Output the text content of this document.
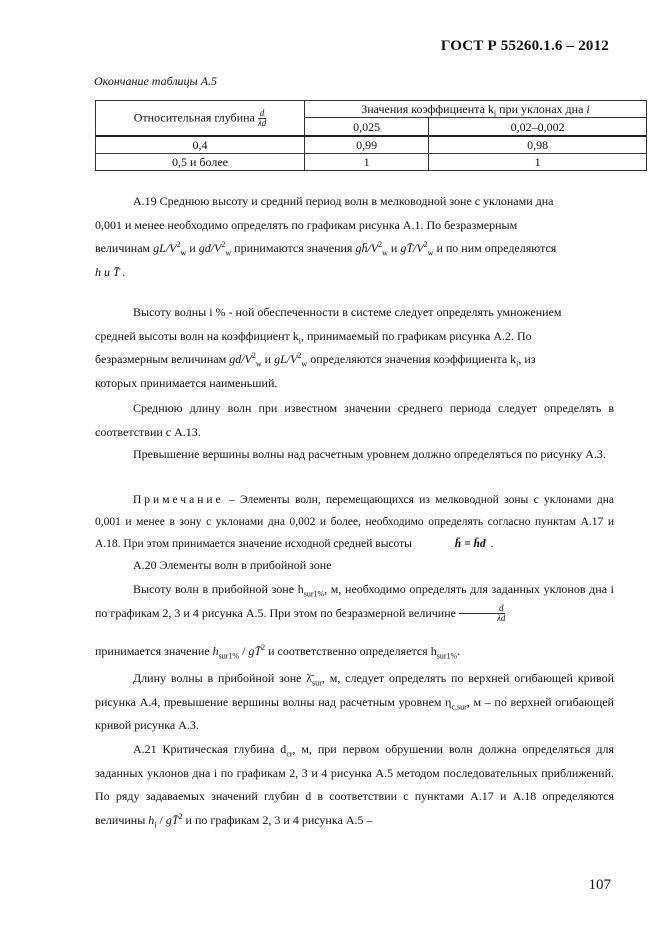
ГОСТ Р 55260.1.6 – 2012
Окончание таблицы А.5
Относительная глубина $\frac{d}{\lambda d}$	Значения коэффициента $k_l$ при уклонах дна i	
	0,025	0,02–0,002
0,4	0,99	0,98
0,5 и более	1	1
А.19 Среднюю высоту и средний период волн в мелководной зоне с уклонами дна
0,001 и менее необходимо определять по графикам рисунка А.1. По безразмерным
величинам $gL/V^2_w$ и $gd/V^2_w$ принимаются значения $gh̄/V^2_w$ и $gT̄/V^2_w$ и по ним определяются
h и T̄ .
Высоту волны i % - ной обеспеченности в системе следует определять умножением
средней высоты волн на коэффициент $k_i$, принимаемый по графикам рисунка А.2. По
безразмерным величинам $gd/V^2_w$ и $gL/V^2_w$ определяются значения коэффициента $k_i$, из
которых принимается наименьший.
Среднюю длину волн при известном значении среднего периода следует определять в соответствии с А.13.
Превышение вершины волны над расчетным уровнем должно определяться по рисунку А.3.
Примечание – Элементы волн, перемещающихся из мелководной зоны с уклонами дна 0,001 и менее в зону с уклонами дна 0,002 и более, необходимо определять согласно пунктам А.17 и А.18. При этом принимается значение исходной средней высоты	h̄ = h̄d .
А.20 Элементы волн в прибойной зоне
Высоту волн в прибойной зоне $h_{sur1\%}$, м, необходимо определять для заданных уклонов дна i по графикам 2, 3 и 4 рисунка А.5. При этом по безразмерной величине $\frac{d}{\lambda d}$
принимается значение $h_{sur1\%}$ / gT̄$^2$ и соответственно определяется $h_{sur1\%}$.
Длину волны в прибойной зоне $\lambdā_{sur}$, м, следует определять по верхней огибающей кривой рисунка А.4, превышение вершины волны над расчетным уровнем $\eta_{c,sur}$, м – по верхней огибающей кривой рисунка А.3.
А.21 Критическая глубина $d_{cr}$, м, при первом обрушении волн должна определяться для заданных уклонов дна i по графикам 2, 3 и 4 рисунка А.5 методом последовательных приближений. По ряду задаваемых значений глубин d в соответствии с пунктами А.17 и А.18 определяются величины $h_i$ / gT̄$^2$ и по графикам 2, 3 и 4 рисунка А.5 –
107
